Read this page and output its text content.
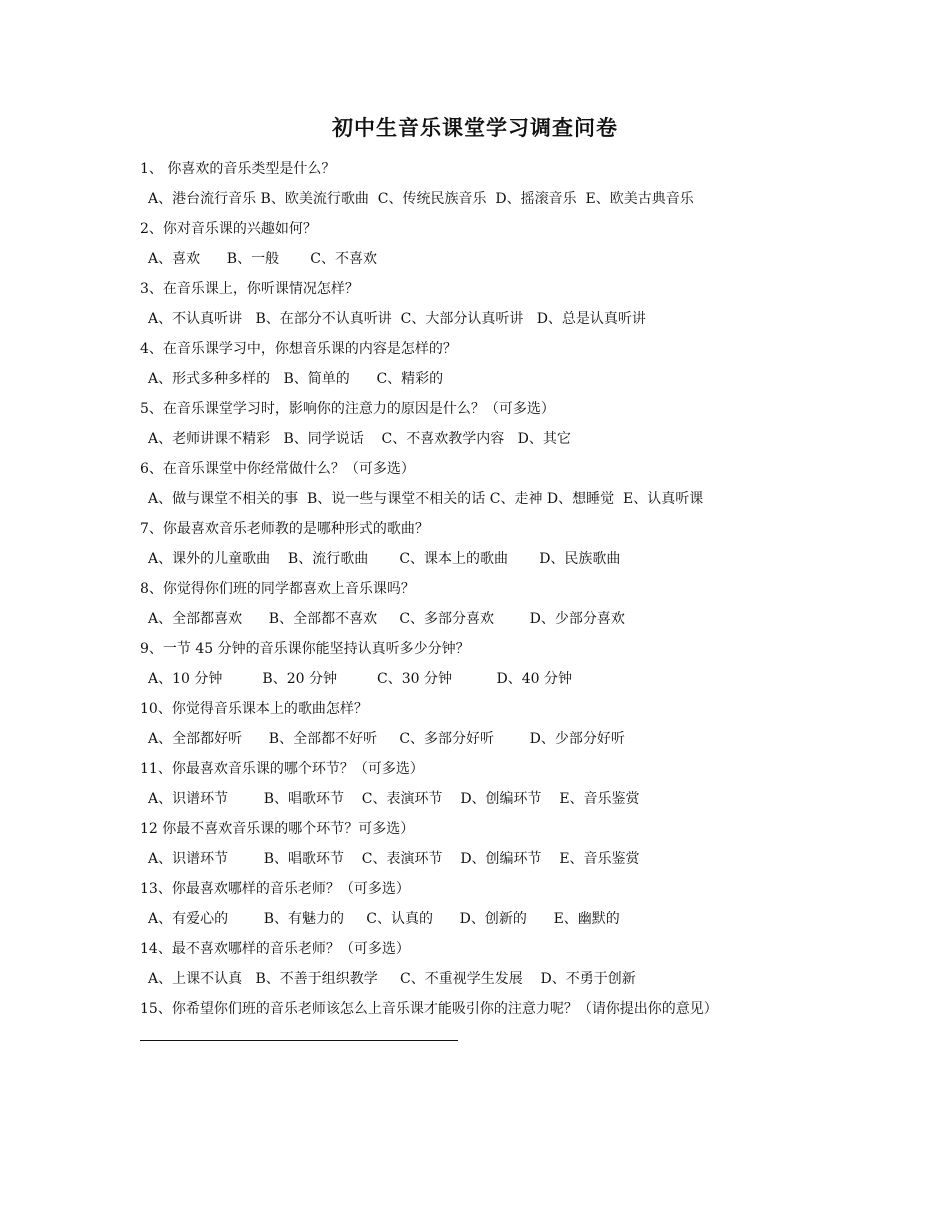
初中生音乐课堂学习调查问卷
1、 你喜欢的音乐类型是什么？
A、港台流行音乐 B、欧美流行歌曲  C、传统民族音乐  D、摇滚音乐  E、欧美古典音乐
2、你对音乐课的兴趣如何？
A、喜欢      B、一般       C、不喜欢
3、在音乐课上，你听课情况怎样？
A、不认真听讲   B、在部分不认真听讲  C、大部分认真听讲   D、总是认真听讲
4、在音乐课学习中，你想音乐课的内容是怎样的？
A、形式多种多样的   B、简单的      C、精彩的
5、在音乐课堂学习时，影响你的注意力的原因是什么？（可多选）
A、老师讲课不精彩   B、同学说话    C、不喜欢教学内容   D、其它
6、在音乐课堂中你经常做什么？（可多选）
A、做与课堂不相关的事  B、说一些与课堂不相关的话 C、走神 D、想睡觉  E、认真听课
7、你最喜欢音乐老师教的是哪种形式的歌曲？
A、课外的儿童歌曲    B、流行歌曲       C、课本上的歌曲       D、民族歌曲
8、你觉得你们班的同学都喜欢上音乐课吗？
A、全部都喜欢      B、全部都不喜欢     C、多部分喜欢        D、少部分喜欢
9、一节 45 分钟的音乐课你能坚持认真听多少分钟？
A、10 分钟         B、20 分钟         C、30 分钟          D、40 分钟
10、你觉得音乐课本上的歌曲怎样？
A、全部都好听      B、全部都不好听     C、多部分好听        D、少部分好听
11、你最喜欢音乐课的哪个环节？（可多选）
A、识谱环节        B、唱歌环节    C、表演环节    D、创编环节    E、音乐鉴赏
12 你最不喜欢音乐课的哪个环节？可多选）
A、识谱环节        B、唱歌环节    C、表演环节    D、创编环节    E、音乐鉴赏
13、你最喜欢哪样的音乐老师？（可多选）
A、有爱心的        B、有魅力的     C、认真的      D、创新的      E、幽默的
14、最不喜欢哪样的音乐老师？（可多选）
A、上课不认真   B、不善于组织教学     C、不重视学生发展    D、不勇于创新
15、你希望你们班的音乐老师该怎么上音乐课才能吸引你的注意力呢？（请你提出你的意见）
